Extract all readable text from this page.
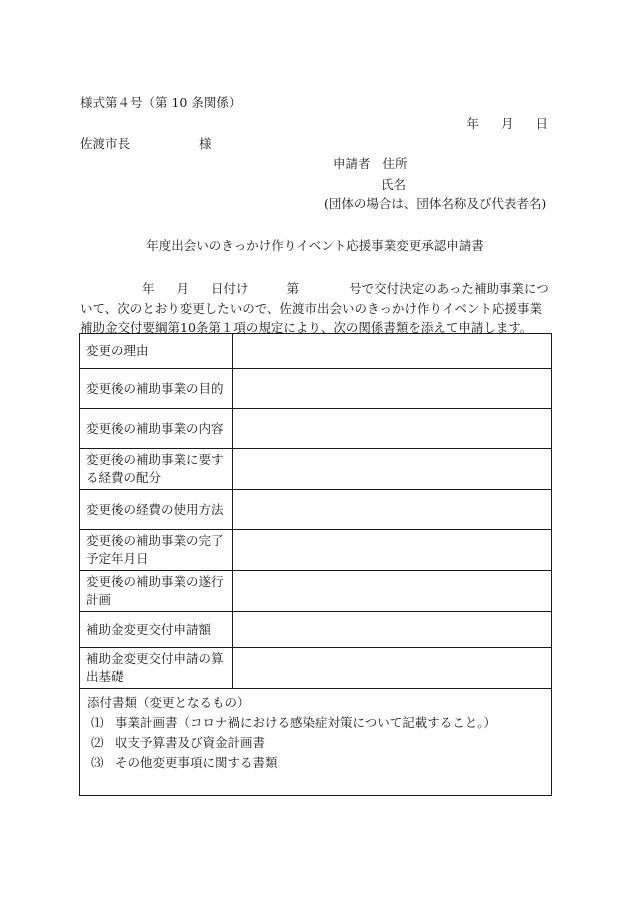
様式第４号（第 10 条関係）
年 月 日
佐渡市長	様
申請者 住所
氏名
(団体の場合は、団体名称及び代表者名)
年度出会いのきっかけ作りイベント応援事業変更承認申請書
年 月 日付け	第	号で交付決定のあった補助事業について、次のとおり変更したいので、佐渡市出会いのきっかけ作りイベント応援事業補助金交付要綱第10条第１項の規定により、次の関係書類を添えて申請します。
変更の理由	
変更後の補助事業の目的	
変更後の補助事業の内容	
変更後の補助事業に要する経費の配分	
変更後の経費の使用方法	
変更後の補助事業の完了予定年月日	
変更後の補助事業の遂行計画	
補助金変更交付申請額	
補助金変更交付申請の算出基礎	

添付書類（変更となるもの）
⑴ 事業計画書（コロナ禍における感染症対策について記載すること。）
⑵ 収支予算書及び資金計画書
⑶ その他変更事項に関する書類	
